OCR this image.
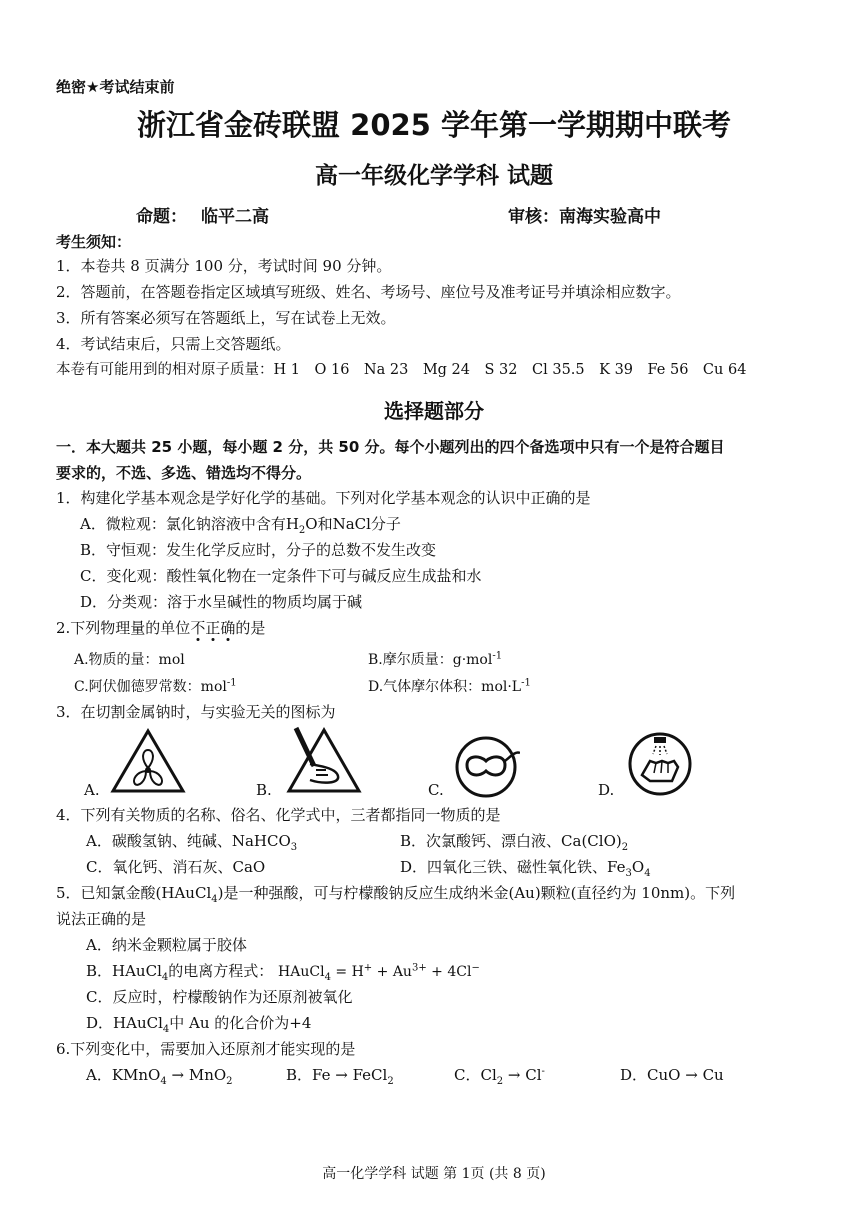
绝密★考试结束前
浙江省金砖联盟 2025 学年第一学期期中联考
高一年级化学学科 试题
命题： 临平二高	审核：南海实验高中
考生须知：
1．本卷共 8 页满分 100 分，考试时间 90 分钟。
2．答题前，在答题卷指定区域填写班级、姓名、考场号、座位号及准考证号并填涂相应数字。
3．所有答案必须写在答题纸上，写在试卷上无效。
4．考试结束后，只需上交答题纸。
本卷有可能用到的相对原子质量：H 1　O 16　Na 23　Mg 24　S 32　Cl 35.5　K 39　Fe 56　Cu 64
选择题部分
一．本大题共 25 小题，每小题 2 分，共 50 分。每个小题列出的四个备选项中只有一个是符合题目
要求的，不选、多选、错选均不得分。
1．构建化学基本观念是学好化学的基础。下列对化学基本观念的认识中正确的是
A．微粒观：氯化钠溶液中含有$H_2O$和NaCl分子
B．守恒观：发生化学反应时，分子的总数不发生改变
C．变化观：酸性氧化物在一定条件下可与碱反应生成盐和水
D．分类观：溶于水呈碱性的物质均属于碱
2.下列物理量的单位不正确的是
A.物质的量：mol	B.摩尔质量：g·mol$^{-1}$
C.阿伏伽德罗常数：mol$^{-1}$	D.气体摩尔体积：$mol\cdot L^{-1}$
3．在切割金属钠时，与实验无关的图标为
A.	B.	C.	D.
4．下列有关物质的名称、俗名、化学式中，三者都指同一物质的是
A．碳酸氢钠、纯碱、NaHCO$_3$	B．次氯酸钙、漂白液、$Ca(ClO)_2$
C．氧化钙、消石灰、CaO	D．四氧化三铁、磁性氧化铁、$Fe_3O_4$
5．已知氯金酸(HAuCl$_4$)是一种强酸，可与柠檬酸钠反应生成纳米金(Au)颗粒(直径约为 10nm)。下列
说法正确的是
A．纳米金颗粒属于胶体
B．HAuCl$_4$的电离方程式： HAuCl$_4$ = $H^+ + Au^{3+} + 4Cl^-$
C．反应时，柠檬酸钠作为还原剂被氧化
D．HAuCl$_4$中 Au 的化合价为+4
6.下列变化中，需要加入还原剂才能实现的是
A．KMnO$_4$ → MnO$_2$	B．Fe → FeCl$_2$	C．$Cl_2 \to Cl^-$	D．CuO → Cu
高一化学学科 试题 第 1页 (共 8 页)
